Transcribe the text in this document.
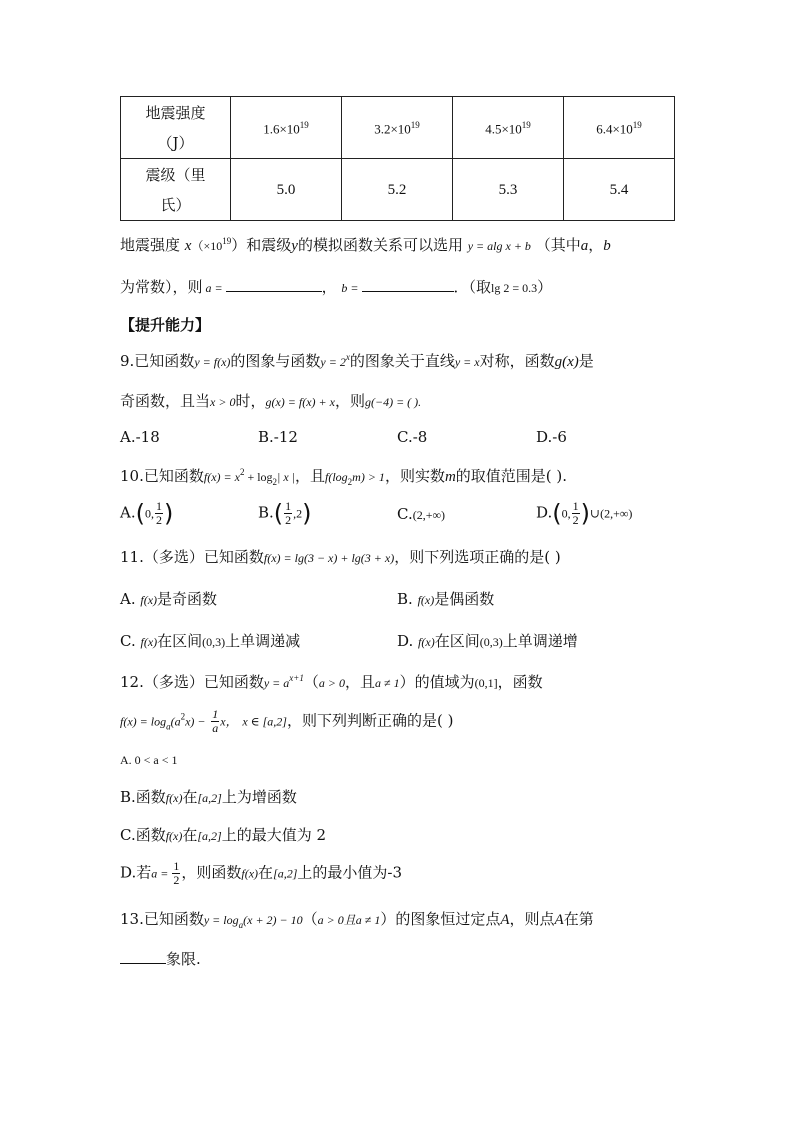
地震强度
（J）	$1.6\times 10^{19}$	$3.2\times 10^{19}$	$4.5\times 10^{19}$	$6.4\times 10^{19}$
震级（里
氏）	5.0	5.2	5.3	5.4
地震强度 $x(\times 10^{19})$和震级y的模拟函数关系可以选用 y = alg x + b （其中a，b
为常数），则 a =	， b =	．（取lg 2 = 0.3）
【提升能力】
9.已知函数y = f(x)的图象与函数$y = 2^x$的图象关于直线y = x对称，函数g(x)是
奇函数，且当x > 0时，g(x) = f(x) + x，则g(−4) = ( ).
A.-18	B.-12	C.-8	D.-6
10.已知函数$f(x) = x^2 + \log_2|$ x |，且$f(\log_2m) > 1$，则实数m的取值范围是( ).
A.(0, $\frac{1}{2}$ )	$B.( \frac{1}{2} ,2)$	C.(2,+∞)	D.(0, $\frac{1}{2}$ )∪(2,+∞)
11.（多选）已知函数f(x) = lg(3 − x) + lg(3 + x)，则下列选项正确的是( )
A. f(x)是奇函数	B. f(x)是偶函数
C. f(x)在区间(0,3)上单调递减	D. f(x)在区间(0,3)上单调递增
12.（多选）已知函数$y = a^{x+1}(a > 0$，且a ≠ 1）的值域为(0,1]，函数
$f(x) = \log_a(a^2x) - \frac{1}{a}$ x， x ∈ [a,2]，则下列判断正确的是( )
A. 0 < a < 1
B.函数f(x)在[a,2]上为增函数
C.函数f(x)在[a,2]上的最大值为 2
D.若$a = \frac{1}{2}$ ，则函数f(x)在[a,2]上的最小值为-3
13.已知函数$y = \log_a(x + 2) - 10(a > 0$且a ≠ 1）的图象恒过定点A，则点A在第
象限.
